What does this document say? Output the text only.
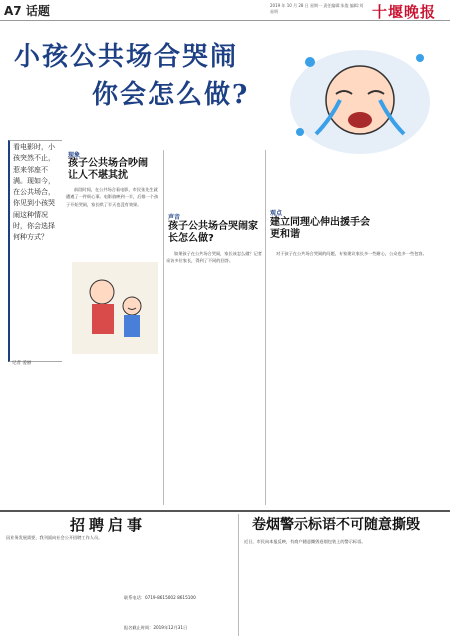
A7 话题	2019 年 10 月 28 日 星期一 责任编辑:朱俊 编辑:刘星明	十堰晚报
小孩公共场合哭闹
你会怎么做?
看电影时，小孩突然不止，惹来邻座不满。现如今，在公共场合，你见到小孩哭闹这种情况时，你会选择何种方式？
记者 姜丽
现象
孩子公共场合吵闹让人不堪其扰
前段时间，在公共场合看电影，市民张先生就遭遇了一件烦心事。电影放映到一半，后排一个孩子开始哭闹，家长哄了半天也没有效果。
声音
孩子公共场合哭闹家长怎么做?
如果孩子在公共场合哭闹，家长该怎么做？记者采访多位家长，得到了不同的回答。
观点
建立同理心伸出援手会更和谐
对于孩子在公共场合哭闹的问题，专家建议家长多一些耐心，公众也多一些包容。
招聘启事
因业务发展需要，我刊面向社会公开招聘工作人员。
联系电话：0719-8615002 8615100
报名截止时间：2019年12月31日
卷烟警示标语不可随意撕毁
近日，市民向本报反映，有商户随意撕毁卷烟包装上的警示标语。
